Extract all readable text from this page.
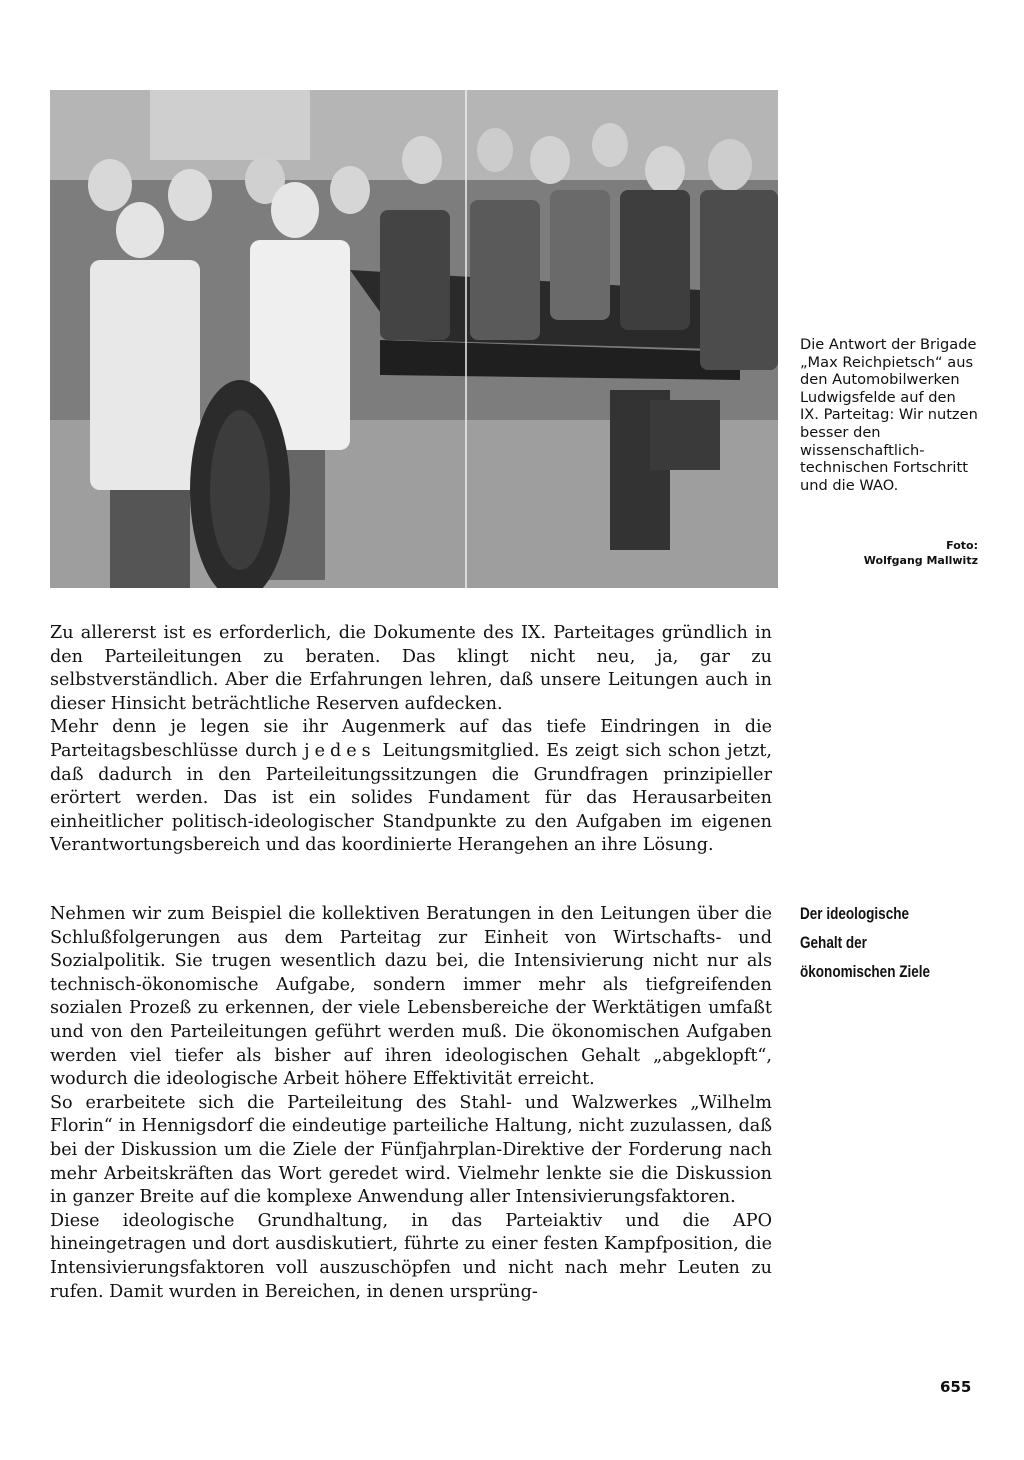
Die Antwort der Brigade „Max Reichpietsch“ aus den Automobilwerken Ludwigsfelde auf den IX. Parteitag: Wir nutzen besser den wissenschaftlich-technischen Fortschritt und die WAO.

Foto:
Wolfgang Mallwitz

Zu allererst ist es erforderlich, die Dokumente des IX. Parteitages gründlich in den Parteileitungen zu beraten. Das klingt nicht neu, ja, gar zu selbstverständlich. Aber die Erfahrungen lehren, daß unsere Leitungen auch in dieser Hinsicht beträchtliche Reserven aufdecken.

Mehr denn je legen sie ihr Augenmerk auf das tiefe Eindringen in die Parteitagsbeschlüsse durch jedes Leitungsmitglied. Es zeigt sich schon jetzt, daß dadurch in den Parteileitungssitzungen die Grundfragen prinzipieller erörtert werden. Das ist ein solides Fundament für das Herausarbeiten einheitlicher politisch-ideologischer Standpunkte zu den Aufgaben im eigenen Verantwortungsbereich und das koordinierte Herangehen an ihre Lösung.

Der ideologische
Gehalt der
ökonomischen Ziele

Nehmen wir zum Beispiel die kollektiven Beratungen in den Leitungen über die Schlußfolgerungen aus dem Parteitag zur Einheit von Wirtschafts- und Sozialpolitik. Sie trugen wesentlich dazu bei, die Intensivierung nicht nur als technisch-ökonomische Aufgabe, sondern immer mehr als tiefgreifenden sozialen Prozeß zu erkennen, der viele Lebensbereiche der Werktätigen umfaßt und von den Parteileitungen geführt werden muß. Die ökonomischen Aufgaben werden viel tiefer als bisher auf ihren ideologischen Gehalt „abgeklopft“, wodurch die ideologische Arbeit höhere Effektivität erreicht.

So erarbeitete sich die Parteileitung des Stahl- und Walzwerkes „Wilhelm Florin“ in Hennigsdorf die eindeutige parteiliche Haltung, nicht zuzulassen, daß bei der Diskussion um die Ziele der Fünfjahrplan-Direktive der Forderung nach mehr Arbeitskräften das Wort geredet wird. Vielmehr lenkte sie die Diskussion in ganzer Breite auf die komplexe Anwendung aller Intensivierungsfaktoren.

Diese ideologische Grundhaltung, in das Parteiaktiv und die APO hineingetragen und dort ausdiskutiert, führte zu einer festen Kampfposition, die Intensivierungsfaktoren voll auszuschöpfen und nicht nach mehr Leuten zu rufen. Damit wurden in Bereichen, in denen ursprüng-

655
